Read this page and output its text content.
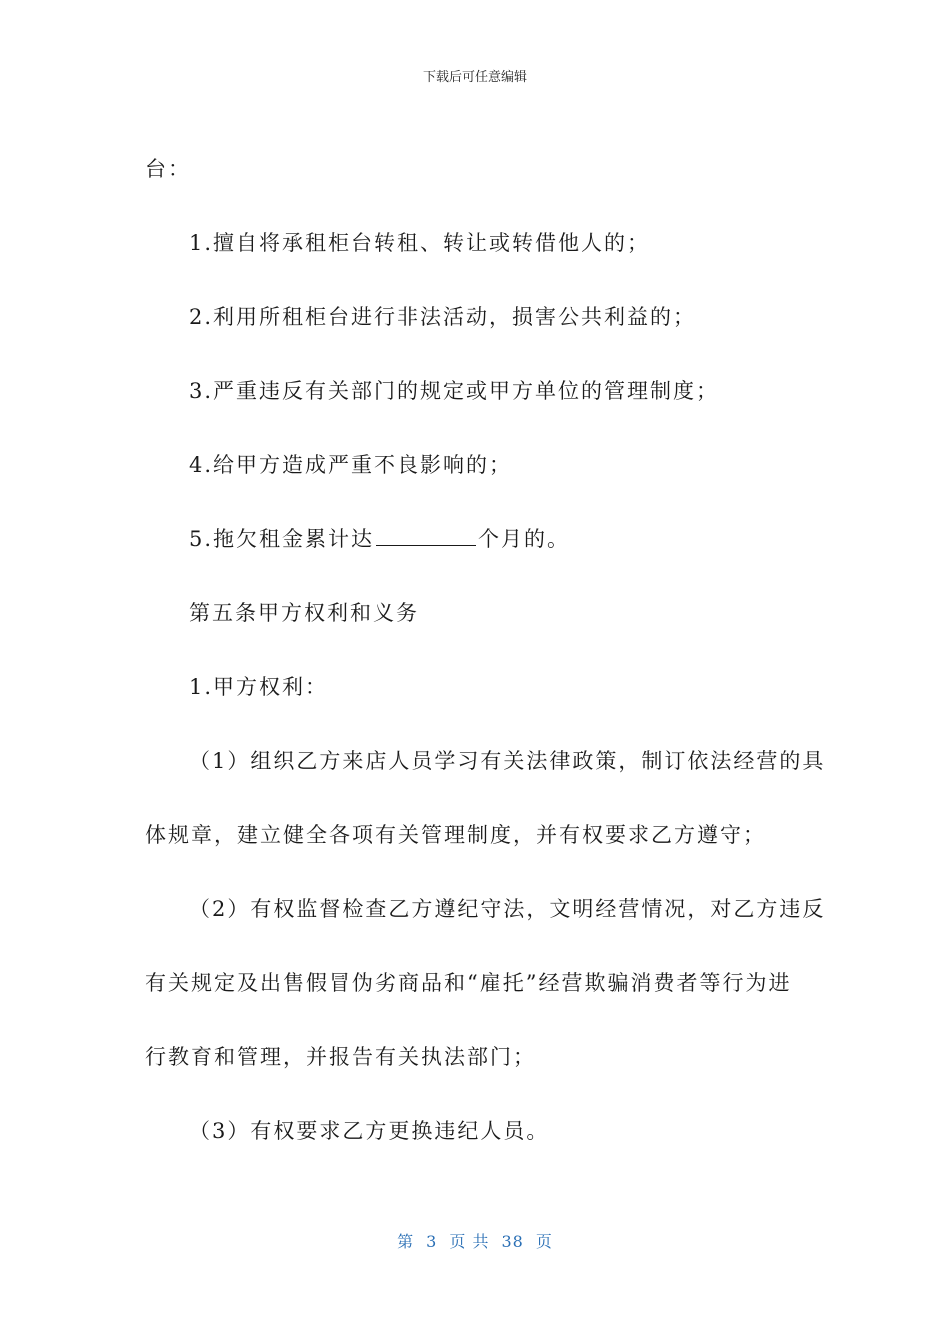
下载后可任意编辑

台：

1.擅自将承租柜台转租、转让或转借他人的；

2.利用所租柜台进行非法活动，损害公共利益的；

3.严重违反有关部门的规定或甲方单位的管理制度；

4.给甲方造成严重不良影响的；

5.拖欠租金累计达	个月的。

第五条甲方权利和义务

1.甲方权利：

（1）组织乙方来店人员学习有关法律政策，制订依法经营的具

体规章，建立健全各项有关管理制度，并有权要求乙方遵守；

（2）有权监督检查乙方遵纪守法，文明经营情况，对乙方违反

有关规定及出售假冒伪劣商品和“雇托”经营欺骗消费者等行为进

行教育和管理，并报告有关执法部门；

（3）有权要求乙方更换违纪人员。

第 3 页 共 38 页
